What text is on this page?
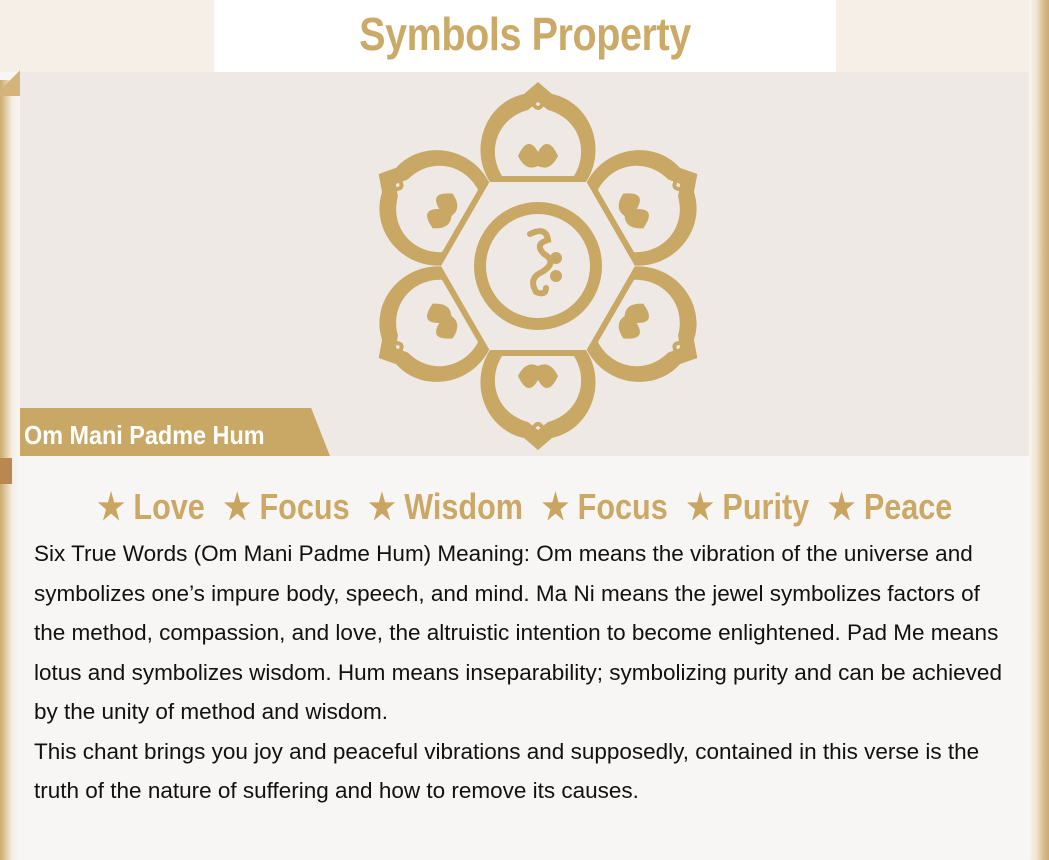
Symbols Property
Om Mani Padme Hum
★ Love ★ Focus ★ Wisdom ★ Focus ★ Purity ★ Peace

Six True Words (Om Mani Padme Hum) Meaning: Om means the vibration of the universe and symbolizes one’s impure body, speech, and mind. Ma Ni means the jewel symbolizes factors of the method, compassion, and love, the altruistic intention to become enlightened. Pad Me means lotus and symbolizes wisdom. Hum means inseparability; symbolizing purity and can be achieved by the unity of method and wisdom.

This chant brings you joy and peaceful vibrations and supposedly, contained in this verse is the truth of the nature of suffering and how to remove its causes.
